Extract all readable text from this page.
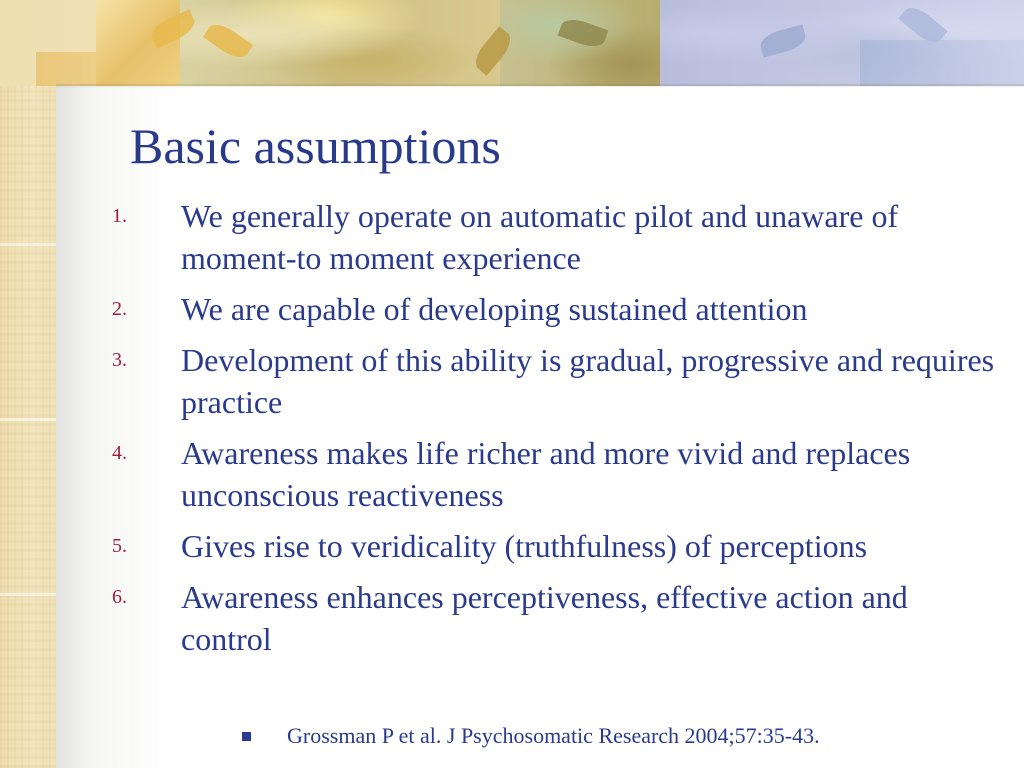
Basic assumptions
1. We generally operate on automatic pilot and unaware of moment-to moment experience
2. We are capable of developing sustained attention
3. Development of this ability is gradual, progressive and requires practice
4. Awareness makes life richer and more vivid and replaces unconscious reactiveness
5. Gives rise to veridicality (truthfulness) of perceptions
6. Awareness enhances perceptiveness, effective action and control
Grossman P et al. J Psychosomatic Research 2004;57:35-43.
